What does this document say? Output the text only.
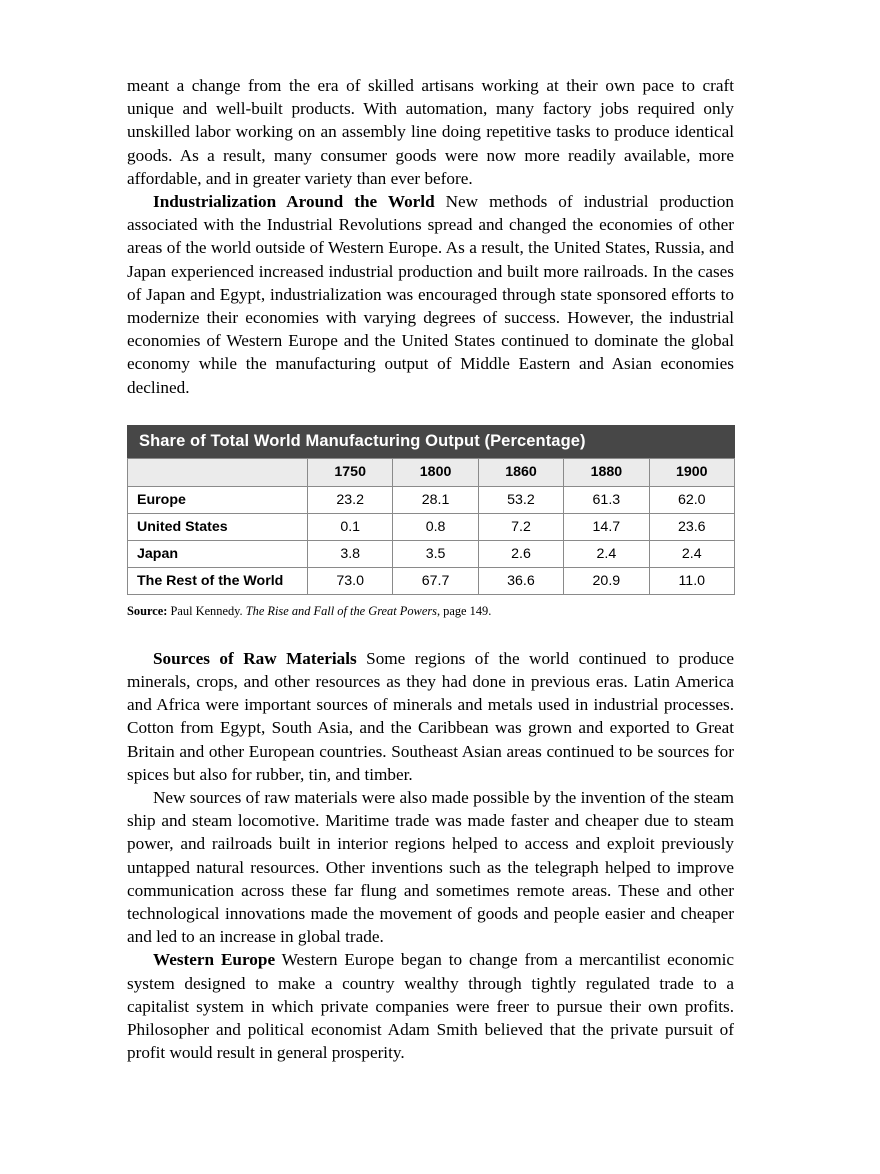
meant a change from the era of skilled artisans working at their own pace to craft unique and well-built products. With automation, many factory jobs required only unskilled labor working on an assembly line doing repetitive tasks to produce identical goods. As a result, many consumer goods were now more readily available, more affordable, and in greater variety than ever before.

Industrialization Around the World New methods of industrial production associated with the Industrial Revolutions spread and changed the economies of other areas of the world outside of Western Europe. As a result, the United States, Russia, and Japan experienced increased industrial production and built more railroads. In the cases of Japan and Egypt, industrialization was encouraged through state sponsored efforts to modernize their economies with varying degrees of success. However, the industrial economies of Western Europe and the United States continued to dominate the global economy while the manufacturing output of Middle Eastern and Asian economies declined.

Share of Total World Manufacturing Output (Percentage)
	1750	1800	1860	1880	1900
Europe	23.2	28.1	53.2	61.3	62.0
United States	0.1	0.8	7.2	14.7	23.6
Japan	3.8	3.5	2.6	2.4	2.4
The Rest of the World	73.0	67.7	36.6	20.9	11.0
Source: Paul Kennedy. The Rise and Fall of the Great Powers, page 149.

Sources of Raw Materials Some regions of the world continued to produce minerals, crops, and other resources as they had done in previous eras. Latin America and Africa were important sources of minerals and metals used in industrial processes. Cotton from Egypt, South Asia, and the Caribbean was grown and exported to Great Britain and other European countries. Southeast Asian areas continued to be sources for spices but also for rubber, tin, and timber.

New sources of raw materials were also made possible by the invention of the steam ship and steam locomotive. Maritime trade was made faster and cheaper due to steam power, and railroads built in interior regions helped to access and exploit previously untapped natural resources. Other inventions such as the telegraph helped to improve communication across these far flung and sometimes remote areas. These and other technological innovations made the movement of goods and people easier and cheaper and led to an increase in global trade.

Western Europe Western Europe began to change from a mercantilist economic system designed to make a country wealthy through tightly regulated trade to a capitalist system in which private companies were freer to pursue their own profits. Philosopher and political economist Adam Smith believed that the private pursuit of profit would result in general prosperity.
